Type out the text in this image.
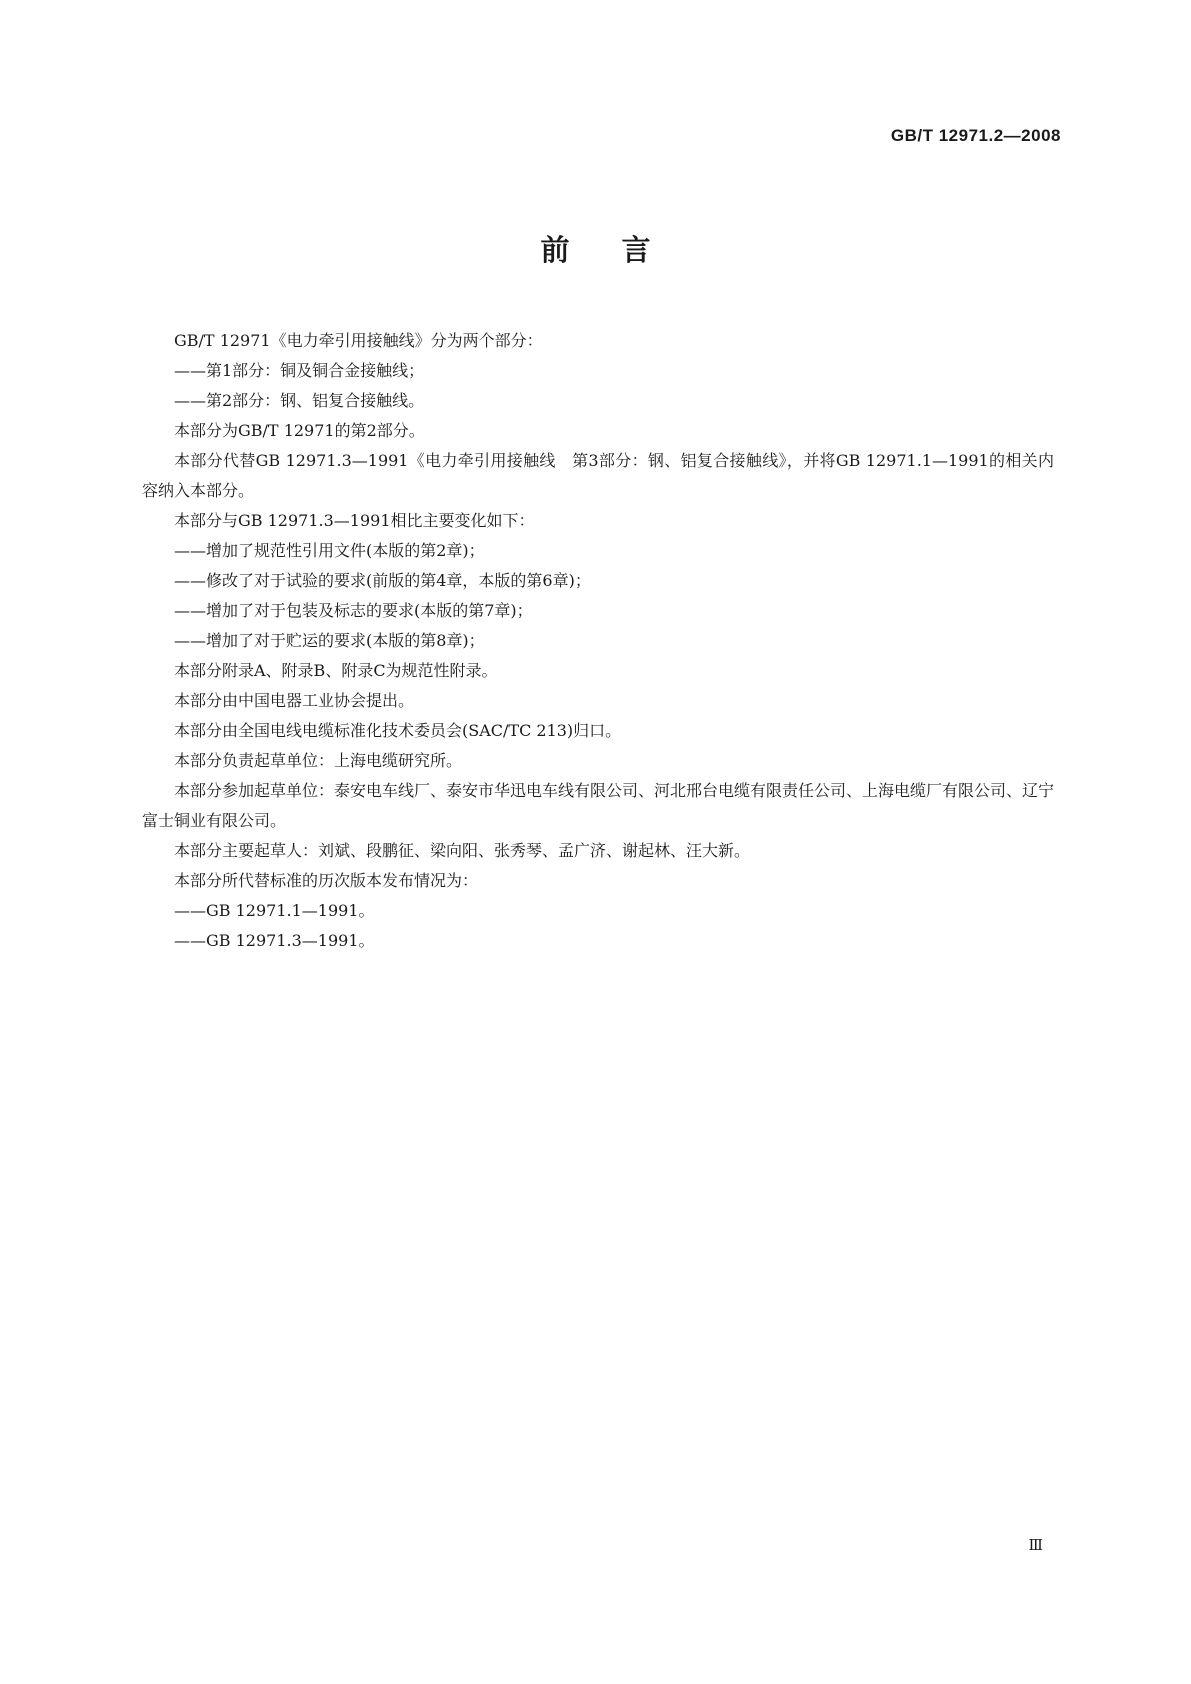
GB/T 12971.2—2008
前言

GB/T 12971《电力牵引用接触线》分为两个部分：

——第1部分：铜及铜合金接触线；

——第2部分：钢、铝复合接触线。

本部分为GB/T 12971的第2部分。

本部分代替GB 12971.3—1991《电力牵引用接触线　第3部分：钢、铝复合接触线》，并将GB 12971.1—1991的相关内容纳入本部分。

本部分与GB 12971.3—1991相比主要变化如下：

——增加了规范性引用文件(本版的第2章)；

——修改了对于试验的要求(前版的第4章，本版的第6章)；

——增加了对于包装及标志的要求(本版的第7章)；

——增加了对于贮运的要求(本版的第8章)；

本部分附录A、附录B、附录C为规范性附录。

本部分由中国电器工业协会提出。

本部分由全国电线电缆标准化技术委员会(SAC/TC 213)归口。

本部分负责起草单位：上海电缆研究所。

本部分参加起草单位：泰安电车线厂、泰安市华迅电车线有限公司、河北邢台电缆有限责任公司、上海电缆厂有限公司、辽宁富士铜业有限公司。

本部分主要起草人：刘斌、段鹏征、梁向阳、张秀琴、孟广济、谢起林、汪大新。

本部分所代替标准的历次版本发布情况为：

——GB 12971.1—1991。

——GB 12971.3—1991。

Ⅲ
